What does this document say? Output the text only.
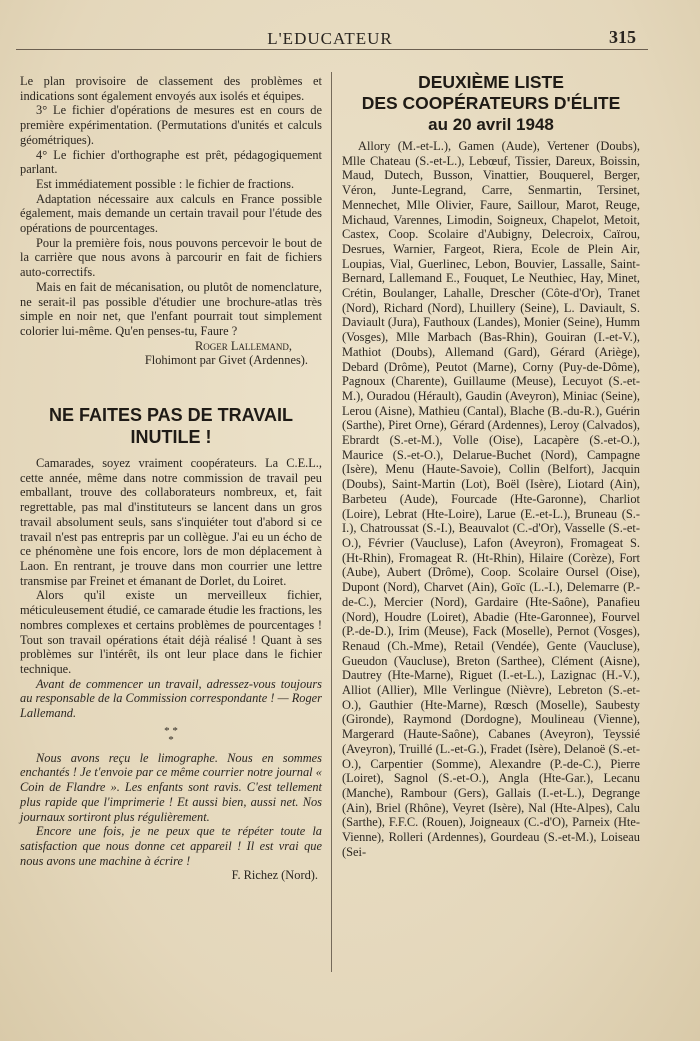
L'EDUCATEUR	315

Le plan provisoire de classement des problèmes et indications sont également envoyés aux isolés et équipes.

3° Le fichier d'opérations de mesures est en cours de première expérimentation. (Permutations d'unités et calculs géométriques).

4° Le fichier d'orthographe est prêt, pédagogiquement parlant.

Est immédiatement possible : le fichier de fractions.

Adaptation nécessaire aux calculs en France possible également, mais demande un certain travail pour l'étude des opérations de pourcentages.

Pour la première fois, nous pouvons percevoir le bout de la carrière que nous avons à parcourir en fait de fichiers auto-correctifs.

Mais en fait de mécanisation, ou plutôt de nomenclature, ne serait-il pas possible d'étudier une brochure-atlas très simple en noir net, que l'enfant pourrait tout simplement colorier lui-même. Qu'en penses-tu, Faure ?

Roger Lallemand,

Flohimont par Givet (Ardennes).

NE FAITES PAS DE TRAVAIL INUTILE !

Camarades, soyez vraiment coopérateurs. La C.E.L., cette année, même dans notre commission de travail peu emballant, trouve des collaborateurs nombreux, et, fait regrettable, pas mal d'instituteurs se lancent dans un gros travail absolument seuls, sans s'inquiéter tout d'abord si ce travail n'est pas entrepris par un collègue. J'ai eu un écho de ce phénomène une fois encore, lors de mon déplacement à Laon. En rentrant, je trouve dans mon courrier une lettre transmise par Freinet et émanant de Dorlet, du Loiret.

Alors qu'il existe un merveilleux fichier, méticuleusement étudié, ce camarade étudie les fractions, les nombres complexes et certains problèmes de pourcentages ! Tout son travail opérations était déjà réalisé ! Quant à ses problèmes sur l'intérêt, ils ont leur place dans le fichier technique.

Avant de commencer un travail, adressez-vous toujours au responsable de la Commission correspondante ! — Roger Lallemand.

* *
*

Nous avons reçu le limographe. Nous en sommes enchantés ! Je t'envoie par ce même courrier notre journal « Coin de Flandre ». Les enfants sont ravis. C'est tellement plus rapide que l'imprimerie ! Et aussi bien, aussi net. Nos journaux sortiront plus régulièrement.

Encore une fois, je ne peux que te répéter toute la satisfaction que nous donne cet appareil ! Il est vrai que nous avons une machine à écrire !

F. Richez (Nord).

DEUXIÈME LISTE
DES COOPÉRATEURS D'ÉLITE
au 20 avril 1948

Allory (M.-et-L.), Gamen (Aude), Vertener (Doubs), Mlle Chateau (S.-et-L.), Lebœuf, Tissier, Dareux, Boissin, Maud, Dutech, Busson, Vinattier, Bouquerel, Berger, Véron, Junte-Legrand, Carre, Senmartin, Tersinet, Mennechet, Mlle Olivier, Faure, Saillour, Marot, Reuge, Michaud, Varennes, Limodin, Soigneux, Chapelot, Metoit, Castex, Coop. Scolaire d'Aubigny, Delecroix, Caïrou, Desrues, Warnier, Fargeot, Riera, Ecole de Plein Air, Loupias, Vial, Guerlinec, Lebon, Bouvier, Lassalle, Saint-Bernard, Lallemand E., Fouquet, Le Neuthiec, Hay, Minet, Crétin, Boulanger, Lahalle, Drescher (Côte-d'Or), Tranet (Nord), Richard (Nord), Lhuillery (Seine), L. Daviault, S. Daviault (Jura), Fauthoux (Landes), Monier (Seine), Humm (Vosges), Mlle Marbach (Bas-Rhin), Gouiran (I.-et-V.), Mathiot (Doubs), Allemand (Gard), Gérard (Ariège), Debard (Drôme), Peutot (Marne), Corny (Puy-de-Dôme), Pagnoux (Charente), Guillaume (Meuse), Lecuyot (S.-et-M.), Ouradou (Hérault), Gaudin (Aveyron), Miniac (Seine), Lerou (Aisne), Mathieu (Cantal), Blache (B.-du-R.), Guérin (Sarthe), Piret Orne), Gérard (Ardennes), Leroy (Calvados), Ebrardt (S.-et-M.), Volle (Oise), Lacapère (S.-et-O.), Maurice (S.-et-O.), Delarue-Buchet (Nord), Campagne (Isère), Menu (Haute-Savoie), Collin (Belfort), Jacquin (Doubs), Saint-Martin (Lot), Boël (Isère), Liotard (Ain), Barbeteu (Aude), Fourcade (Hte-Garonne), Charliot (Loire), Lebrat (Hte-Loire), Larue (E.-et-L.), Bruneau (S.-I.), Chatroussat (S.-I.), Beauvalot (C.-d'Or), Vasselle (S.-et-O.), Février (Vaucluse), Lafon (Aveyron), Fromageat S. (Ht-Rhin), Fromageat R. (Ht-Rhin), Hilaire (Corèze), Fort (Aube), Aubert (Drôme), Coop. Scolaire Oursel (Oise), Dupont (Nord), Charvet (Ain), Goïc (L.-I.), Delemarre (P.-de-C.), Mercier (Nord), Gardaire (Hte-Saône), Panafieu (Nord), Houdre (Loiret), Abadie (Hte-Garonnee), Fourvel (P.-de-D.), Irim (Meuse), Fack (Moselle), Pernot (Vosges), Renaud (Ch.-Mme), Retail (Vendée), Gente (Vaucluse), Gueudon (Vaucluse), Breton (Sarthee), Clément (Aisne), Dautrey (Hte-Marne), Riguet (I.-et-L.), Lazignac (H.-V.), Alliot (Allier), Mlle Verlingue (Nièvre), Lebreton (S.-et-O.), Gauthier (Hte-Marne), Rœsch (Moselle), Saubesty (Gironde), Raymond (Dordogne), Moulineau (Vienne), Margerard (Haute-Saône), Cabanes (Aveyron), Teyssié (Aveyron), Truillé (L.-et-G.), Fradet (Isère), Delanoë (S.-et-O.), Carpentier (Somme), Alexandre (P.-de-C.), Pierre (Loiret), Sagnol (S.-et-O.), Angla (Hte-Gar.), Lecanu (Manche), Rambour (Gers), Gallais (I.-et-L.), Degrange (Ain), Briel (Rhône), Veyret (Isère), Nal (Hte-Alpes), Calu (Sarthe), F.F.C. (Rouen), Joigneaux (C.-d'O), Parneix (Hte-Vienne), Rolleri (Ardennes), Gourdeau (S.-et-M.), Loiseau (Sei-
